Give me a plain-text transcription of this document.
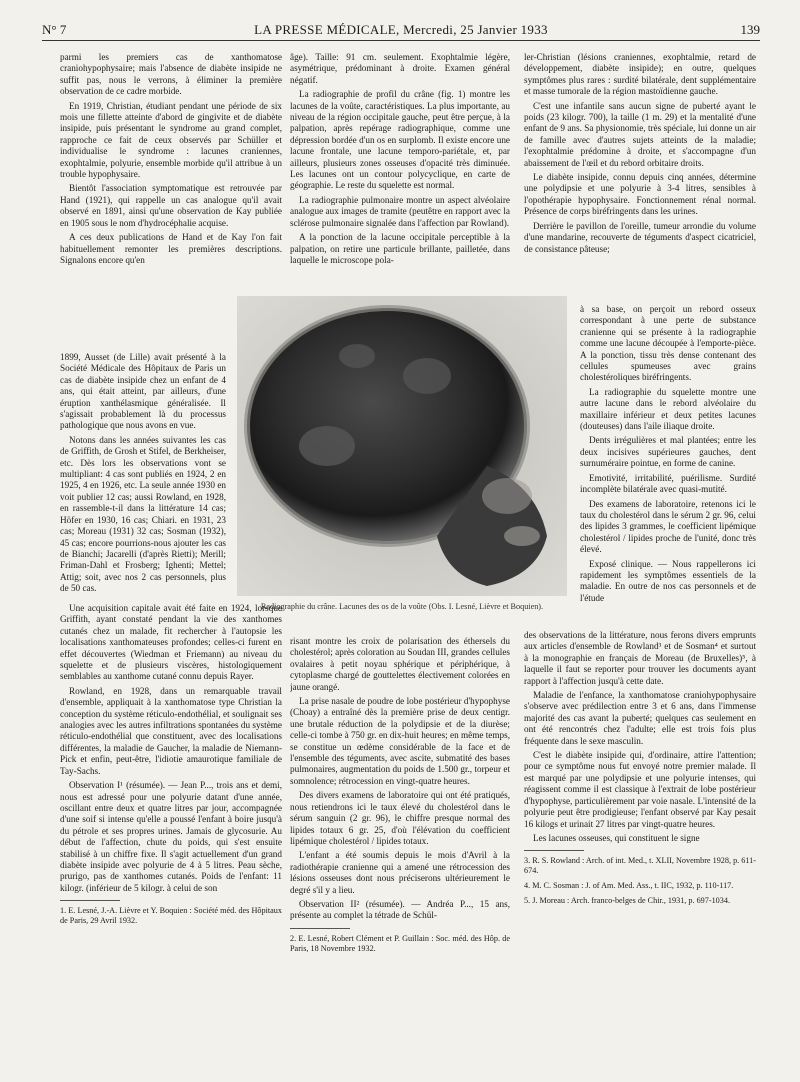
N° 7	LA PRESSE MÉDICALE, Mercredi, 25 Janvier 1933	139

parmi les premiers cas de xanthomatose craniohypophysaire; mais l'absence de diabète insipide ne suffit pas, nous le verrons, à éliminer la première observation de ce cadre morbide.

En 1919, Christian, étudiant pendant une période de six mois une fillette atteinte d'abord de gingivite et de diabète insipide, puis présentant le syndrome au grand complet, rapproche ce fait de ceux observés par Schüller et individualise le syndrome : lacunes craniennes, exophtalmie, polyurie, ensemble morbide qu'il attribue à un trouble hypophysaire.

Bientôt l'association symptomatique est retrouvée par Hand (1921), qui rappelle un cas analogue qu'il avait observé en 1891, ainsi qu'une observation de Kay publiée en 1905 sous le nom d'hydrocéphalie acquise.

A ces deux publications de Hand et de Kay l'on fait habituellement remonter les premières descriptions. Signalons encore qu'en

1899, Ausset (de Lille) avait présenté à la Société Médicale des Hôpitaux de Paris un cas de diabète insipide chez un enfant de 4 ans, qui était atteint, par ailleurs, d'une éruption xanthélasmique généralisée. Il s'agissait probablement là du processus pathologique que nous avons en vue.

Notons dans les années suivantes les cas de Griffith, de Grosh et Stifel, de Berkheiser, etc. Dès lors les observations vont se multipliant: 4 cas sont publiés en 1924, 2 en 1925, 4 en 1926, etc. La seule année 1930 en voit publier 12 cas; aussi Rowland, en 1928, en rassemble-t-il dans la littérature 14 cas; Höfer en 1930, 16 cas; Chiari. en 1931, 23 cas; Moreau (1931) 32 cas; Sosman (1932), 45 cas; encore pourrions-nous ajouter les cas de Bianchi; Jacarelli (d'après Rietti); Merill; Friman-Dahl et Frosberg; Ighenti; Mettel; Attig; soit, avec nos 2 cas personnels, plus de 50 cas.

Une acquisition capitale avait été faite en 1924, lorsque Griffith, ayant constaté pendant la vie des xanthomes cutanés chez un malade, fit rechercher à l'autopsie les localisations xanthomateuses profondes; celles-ci furent en effet découvertes (Wiedman et Friemann) au niveau du squelette et de plusieurs viscères, histologiquement semblables au xanthome cutané connu depuis Rayer.

Rowland, en 1928, dans un remarquable travail d'ensemble, appliquait à la xanthomatose type Christian la conception du système réticulo-endothélial, et soulignait ses analogies avec les autres infiltrations spontanées du système réticulo-endothélial que constituent, avec des localisations différentes, la maladie de Gaucher, la maladie de Niemann-Pick et enfin, peut-être, l'idiotie amaurotique familiale de Tay-Sachs.

Observation I¹ (résumée). — Jean P..., trois ans et demi, nous est adressé pour une polyurie datant d'une année, oscillant entre deux et quatre litres par jour, accompagnée d'une soif si intense qu'elle a poussé l'enfant à boire jusqu'à du pétrole et ses propres urines. Jamais de glycosurie. Au début de l'affection, chute du poids, qui s'est ensuite stabilisé à un chiffre fixe. Il s'agit actuellement d'un grand diabète insipide avec polyurie de 4 à 5 litres. Peau sèche, prurigo, pas de xanthomes cutanés. Poids de l'enfant: 11 kilogr. (inférieur de 5 kilogr. à celui de son

1. E. Lesné, J.-A. Lièvre et Y. Boquien : Société méd. des Hôpitaux de Paris, 29 Avril 1932.

âge). Taille: 91 cm. seulement. Exophtalmie légère, asymétrique, prédominant à droite. Examen général négatif.

La radiographie de profil du crâne (fig. 1) montre les lacunes de la voûte, caractéristiques. La plus importante, au niveau de la région occipitale gauche, peut être perçue, à la palpation, après repérage radiographique, comme une dépression bordée d'un os en surplomb. Il existe encore une lacune frontale, une lacune temporo-pariétale, et, par ailleurs, plusieurs zones osseuses d'opacité très diminuée. Les lacunes ont un contour polycyclique, en carte de géographie. Le reste du squelette est normal.

La radiographie pulmonaire montre un aspect alvéolaire analogue aux images de tramite (peutêtre en rapport avec la sclérose pulmonaire signalée dans l'affection par Rowland).

A la ponction de la lacune occipitale perceptible à la palpation, on retire une particule brillante, pailletée, dans laquelle le microscope pola-

ler-Christian (lésions craniennes, exophtalmie, retard de développement, diabète insipide); en outre, quelques symptômes plus rares : surdité bilatérale, dent supplémentaire et masse tumorale de la région mastoïdienne gauche.

C'est une infantile sans aucun signe de puberté ayant le poids (23 kilogr. 700), la taille (1 m. 29) et la mentalité d'une enfant de 9 ans. Sa physionomie, très spéciale, lui donne un air de famille avec d'autres sujets atteints de la maladie; l'exophtalmie prédomine à droite, et s'accompagne d'un abaissement de l'œil et du rebord orbitaire droits.

Le diabète insipide, connu depuis cinq années, détermine une polydipsie et une polyurie à 3-4 litres, sensibles à l'opothérapie hypophysaire. Fonctionnement rénal normal. Présence de corps biréfringents dans les urines.

Derrière le pavillon de l'oreille, tumeur arrondie du volume d'une mandarine, recouverte de téguments d'aspect cicatriciel, de consistance pâteuse;

Radiographie du crâne. Lacunes des os de la voûte (Obs. I. Lesné, Lièvre et Boquien).

à sa base, on perçoit un rebord osseux correspondant à une perte de substance cranienne qui se présente à la radiographie comme une lacune découpée à l'emporte-pièce. A la ponction, tissu très dense contenant des cellules spumeuses avec grains cholestéroliques biréfringents.

La radiographie du squelette montre une autre lacune dans le rebord alvéolaire du maxillaire inférieur et deux petites lacunes (douteuses) dans l'aile iliaque droite.

Dents irrégulières et mal plantées; entre les deux incisives supérieures gauches, dent surnuméraire pointue, en forme de canine.

Emotivité, irritabilité, puérilisme. Surdité incomplète bilatérale avec quasi-mutité.

Des examens de laboratoire, retenons ici le taux du cholestérol dans le sérum 2 gr. 96, celui des lipides 3 grammes, le coefficient lipémique cholestérol / lipides proche de l'unité, donc très élevé.

Exposé clinique. — Nous rappellerons ici rapidement les symptômes essentiels de la maladie. En outre de nos cas personnels et de l'étude

risant montre les croix de polarisation des éthersels du cholestérol; après coloration au Soudan III, grandes cellules ovalaires à petit noyau sphérique et périphérique, à cytoplasme chargé de gouttelettes électivement colorées en jaune orangé.

La prise nasale de poudre de lobe postérieur d'hypophyse (Choay) a entraîné dès la première prise de deux centigr. une brutale réduction de la polydipsie et de la diurèse; celle-ci tombe à 750 gr. en dix-huit heures; en même temps, se constitue un œdème considérable de la face et de l'ensemble des téguments, avec ascite, submatité des bases pulmonaires, augmentation du poids de 1.500 gr., torpeur et somnolence; rétrocession en vingt-quatre heures.

Des divers examens de laboratoire qui ont été pratiqués, nous retiendrons ici le taux élevé du cholestérol dans le sérum sanguin (2 gr. 96), le chiffre presque normal des lipides totaux 6 gr. 25, d'où l'élévation du coefficient lipémique cholestérol / lipides totaux.

L'enfant a été soumis depuis le mois d'Avril à la radiothérapie cranienne qui a amené une rétrocession des lésions osseuses dont nous préciserons ultérieurement le degré s'il y a lieu.

Observation II² (résumée). — Andréa P..., 15 ans, présente au complet la tétrade de Schül-

2. E. Lesné, Robert Clément et P. Guillain : Soc. méd. des Hôp. de Paris, 18 Novembre 1932.

des observations de la littérature, nous ferons divers emprunts aux articles d'ensemble de Rowland³ et de Sosman⁴ et surtout à la monographie en français de Moreau (de Bruxelles)⁵, à laquelle il faut se reporter pour trouver les documents ayant rapport à l'affection jusqu'à cette date.

Maladie de l'enfance, la xanthomatose craniohypophysaire s'observe avec prédilection entre 3 et 6 ans, dans l'immense majorité des cas avant la puberté; quelques cas seulement en ont été rencontrés chez l'adulte; elle est trois fois plus fréquente dans le sexe masculin.

C'est le diabète insipide qui, d'ordinaire, attire l'attention; pour ce symptôme nous fut envoyé notre premier malade. Il est marqué par une polydipsie et une polyurie intenses, qui réagissent comme il est classique à l'extrait de lobe postérieur d'hypophyse, particulièrement par voie nasale. L'intensité de la polyurie peut être prodigieuse; l'enfant observé par Kay pesait 16 kilogs et urinait 27 litres par vingt-quatre heures.

Les lacunes osseuses, qui constituent le signe

3. R. S. Rowland : Arch. of int. Med., t. XLII, Novembre 1928, p. 611-674.

4. M. C. Sosman : J. of Am. Med. Ass., t. IIC, 1932, p. 110-117.

5. J. Moreau : Arch. franco-belges de Chir., 1931, p. 697-1034.
